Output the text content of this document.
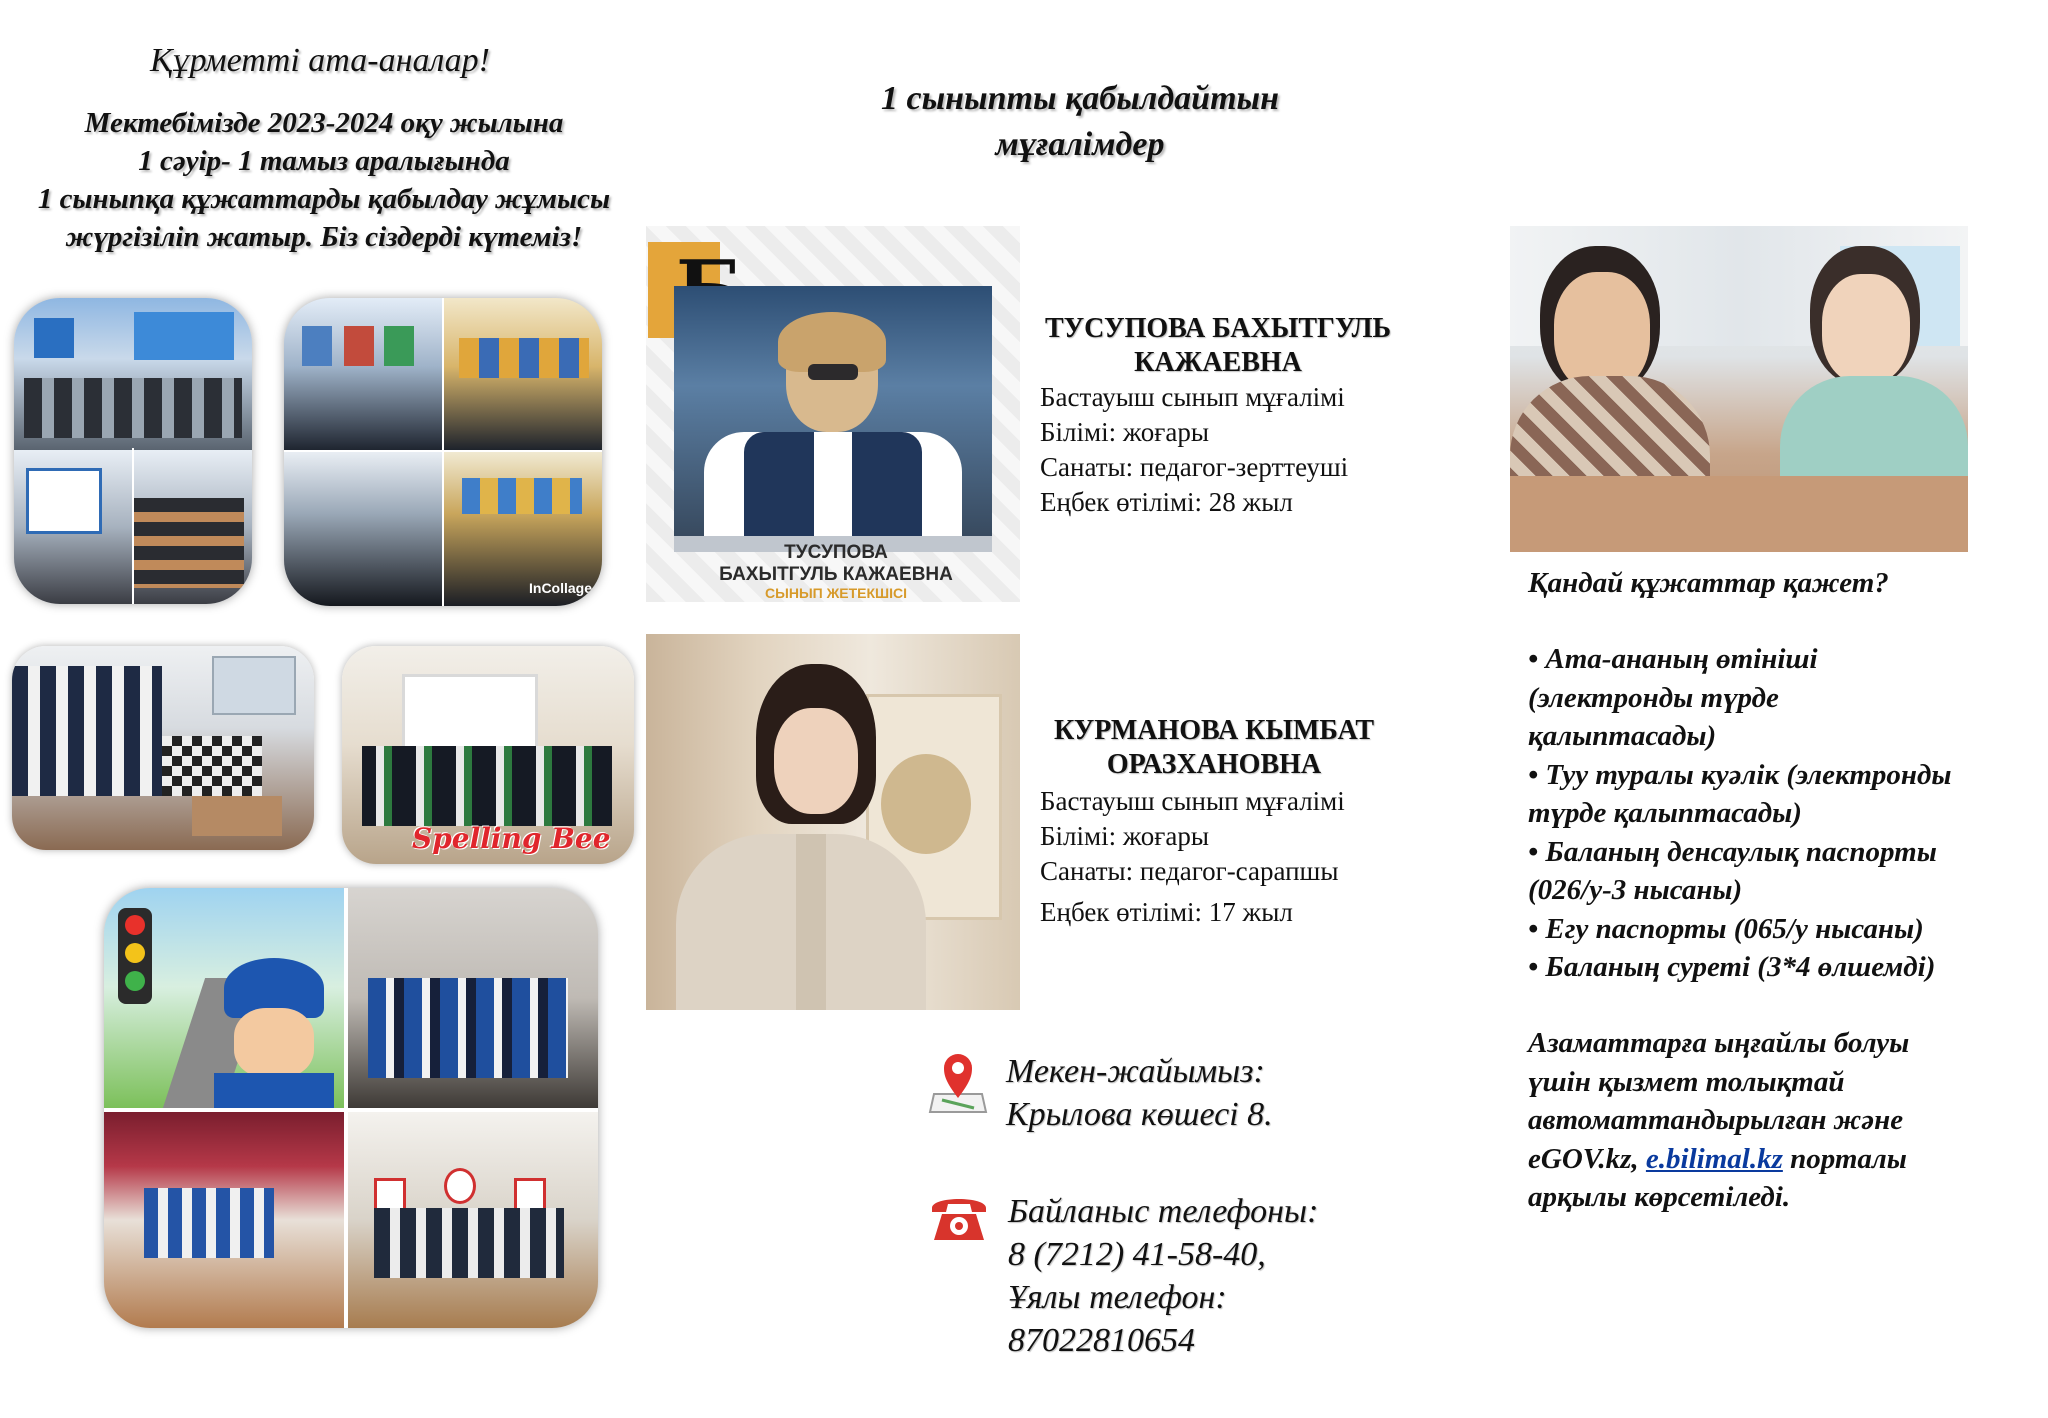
Құрметті ата-аналар!
Мектебімізде 2023-2024 оқу жылына
1 сәуір- 1 тамыз аралығында
1 сыныпқа құжаттарды қабылдау жұмысы
жүргізіліп жатыр. Біз сіздерді күтеміз!
InCollage
Spelling Bee
1 сыныпты қабылдайтын
мұғалімдер
ТУСУПОВА
БАХЫТГУЛЬ КАЖАЕВНА
СЫНЫП ЖЕТЕКШІСІ
ТУСУПОВА БАХЫТГУЛЬ
КАЖАЕВНА
Бастауыш сынып мұғалімі
Білімі: жоғары
Санаты: педагог-зерттеуші
Еңбек өтілімі: 28 жыл
КУРМАНОВА КЫМБАТ
ОРАЗХАНОВНА
Бастауыш сынып мұғалімі
Білімі: жоғары
Санаты: педагог-сарапшы
Еңбек өтілімі: 17 жыл
Мекен-жайымыз:
Крылова көшесі 8.
Байланыс телефоны:
8 (7212) 41-58-40,
Ұялы телефон:
87022810654
Қандай құжаттар қажет?
• Ата-ананың өтініші
(электронды түрде
қалыптасады)
• Туу туралы куәлік (электронды
түрде қалыптасады)
• Баланың денсаулық паспорты
(026/у-3 нысаны)
• Егу паспорты (065/у нысаны)
• Баланың суреті (3*4 өлшемді)
Азаматтарға ыңғайлы болуы
үшін қызмет толықтай
автоматтандырылған және
eGOV.kz, e.bilimal.kz порталы
арқылы көрсетіледі.
